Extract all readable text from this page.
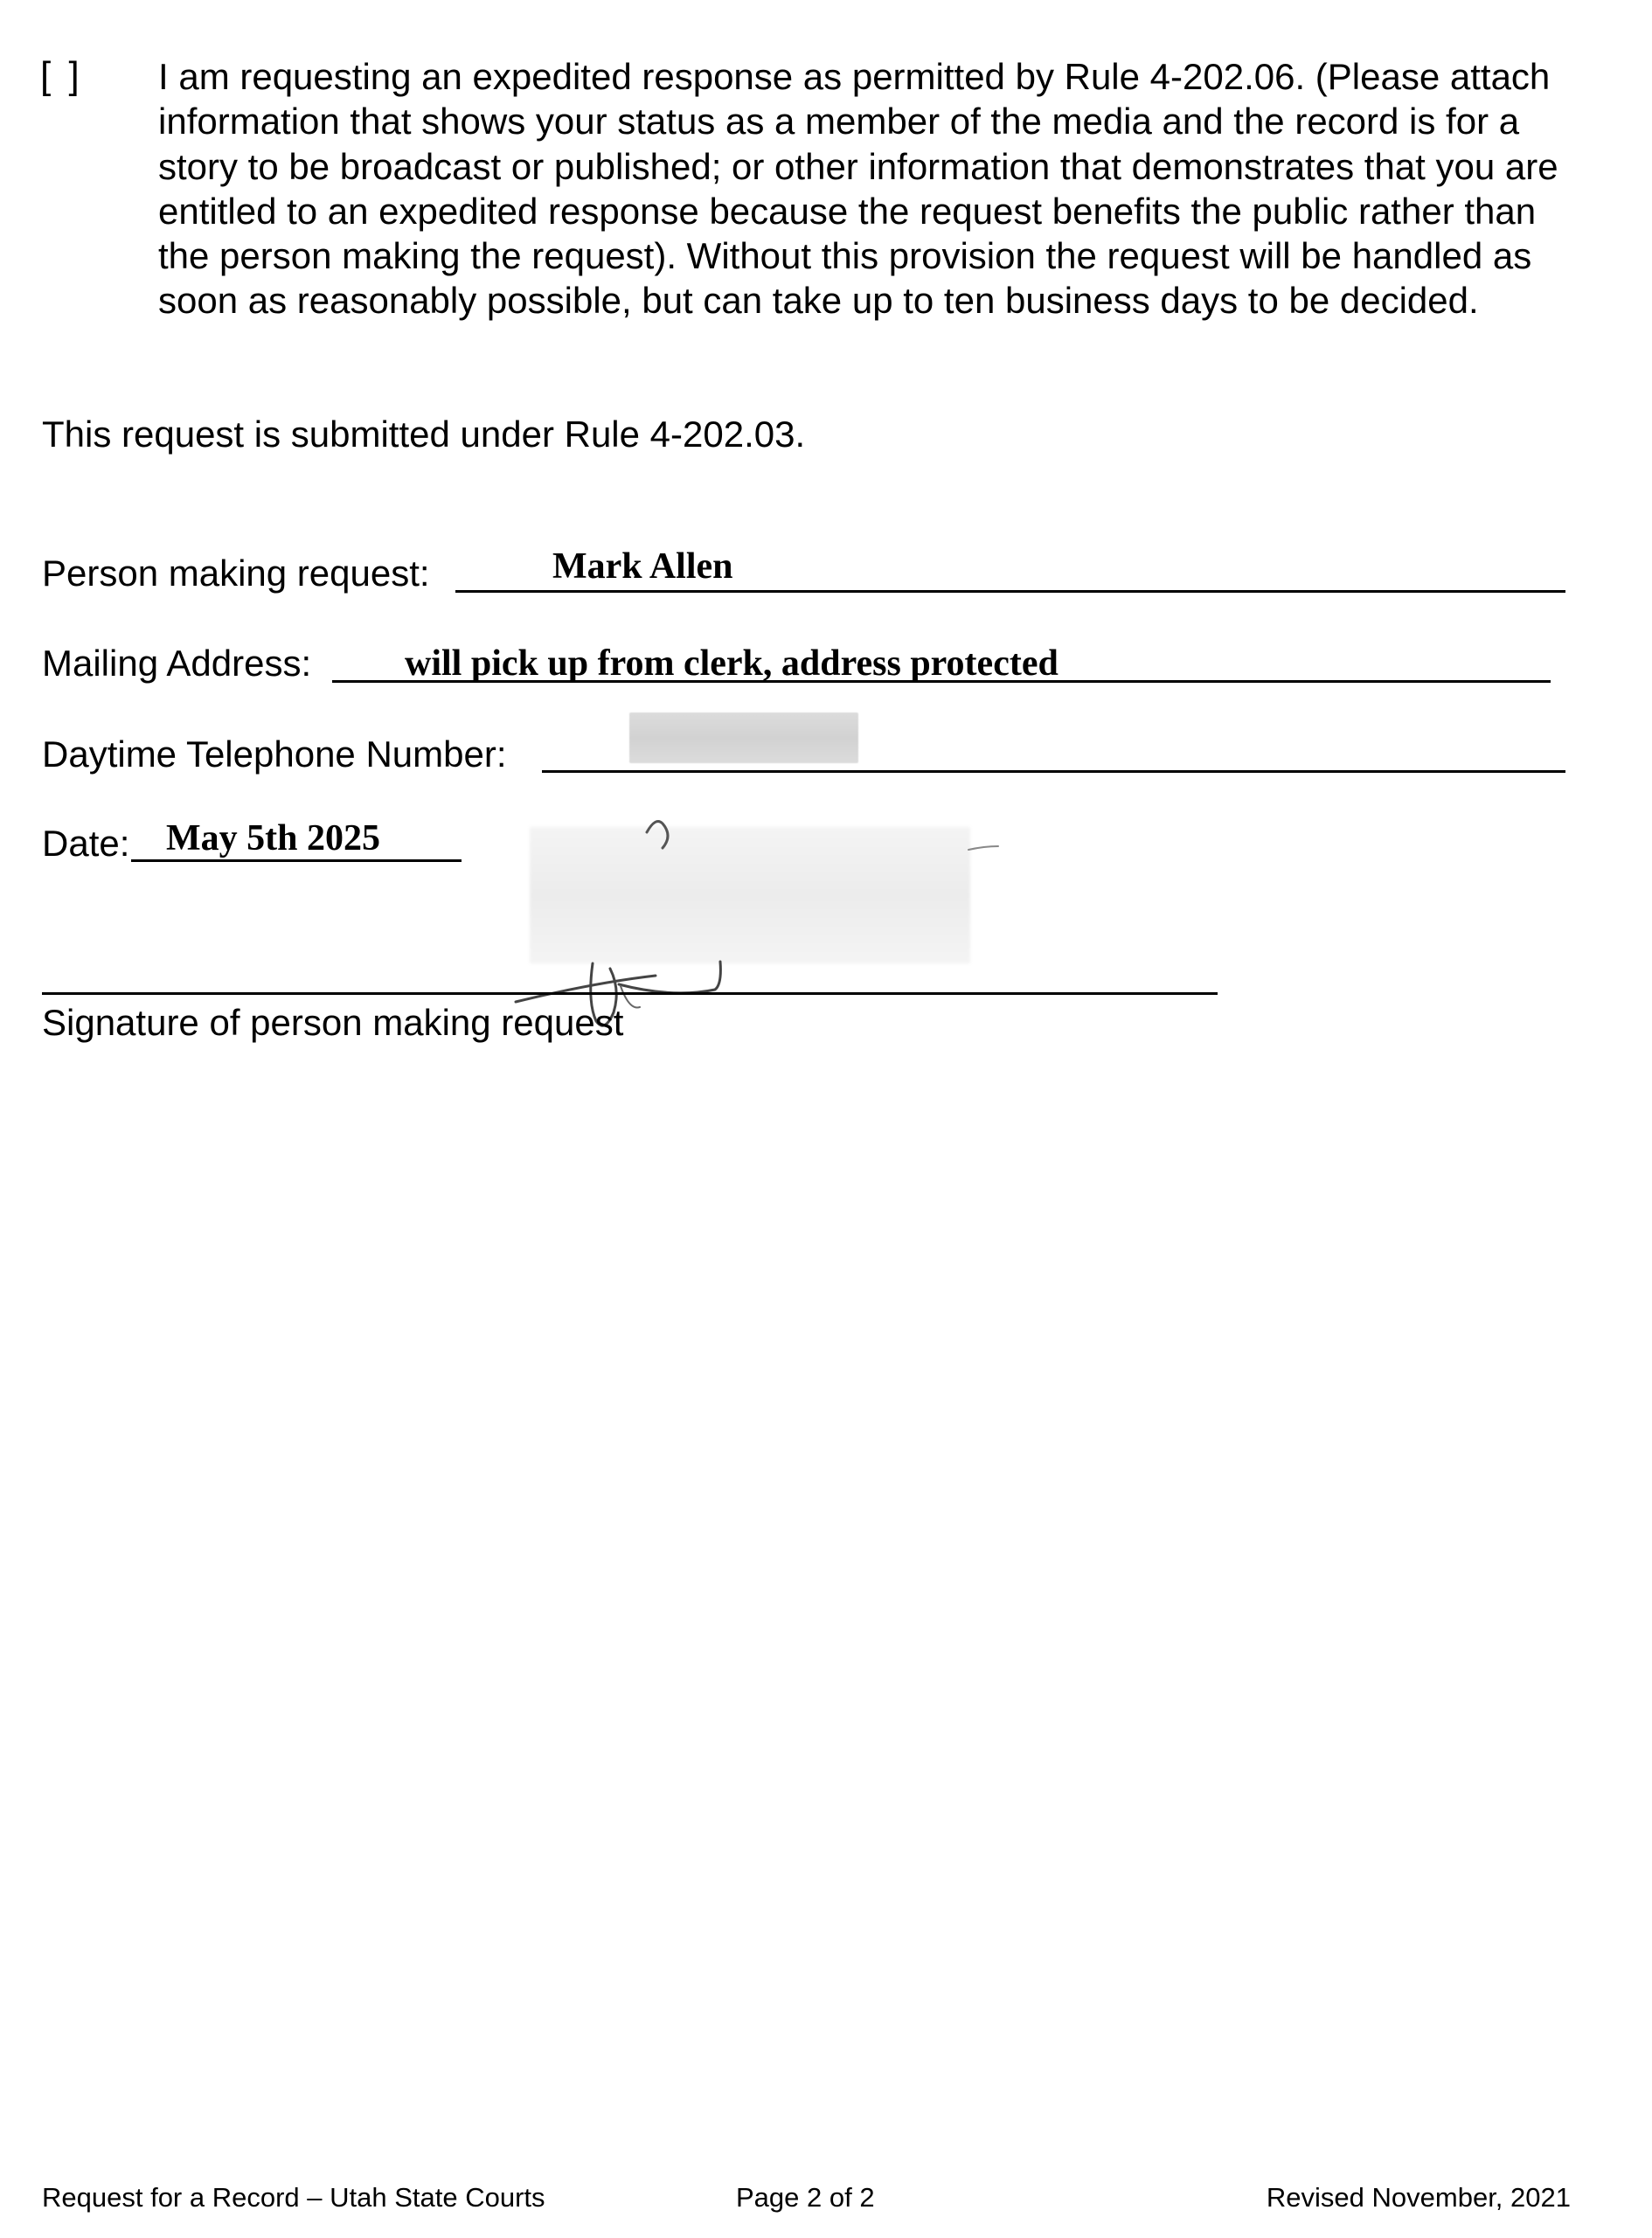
[ ] I am requesting an expedited response as permitted by Rule 4-202.06. (Please attach information that shows your status as a member of the media and the record is for a story to be broadcast or published; or other information that demonstrates that you are entitled to an expedited response because the request benefits the public rather than the person making the request). Without this provision the request will be handled as soon as reasonably possible, but can take up to ten business days to be decided.

This request is submitted under Rule 4-202.03.

Person making request:	Mark Allen
Mailing Address:	will pick up from clerk, address protected
Daytime Telephone Number:
Date: May 5th 2025
Signature of person making request
Request for a Record – Utah State Courts	Page 2 of 2	Revised November, 2021
